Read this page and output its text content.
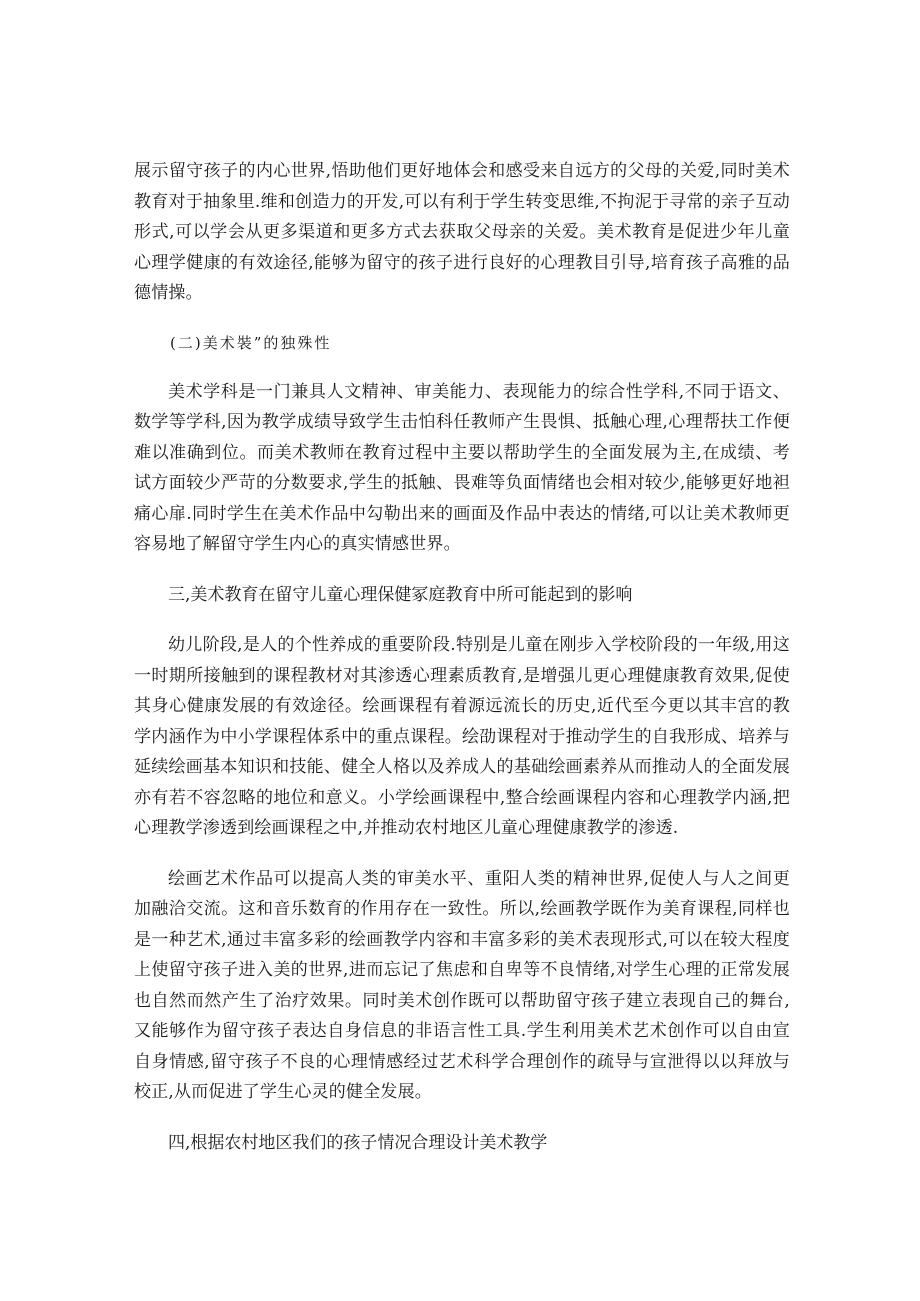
展示留守孩子的内心世界,悟助他们更好地体会和感受来自远方的父母的关爱,同时美术教育对于抽象里.维和创造力的开发,可以有利于学生转变思维,不拘泥于寻常的亲子互动形式,可以学会从更多渠道和更多方式去获取父母亲的关爱。美术教育是促进少年儿童心理学健康的有效途径,能够为留守的孩子进行良好的心理教目引导,培育孩子高雅的品德情操。

(二)美术裝”的独殊性

美术学科是一门兼具人文精神、审美能力、表现能力的综合性学科,不同于语文、数学等学科,因为教学成绩导致学生击怕科任教师产生畏惧、抵触心理,心理帮扶工作便难以准确到位。而美术教师在教育过程中主要以帮助学生的全面发展为主,在成绩、考试方面较少严苛的分数要求,学生的抵触、畏难等负面情绪也会相对较少,能够更好地袒痛心扉.同时学生在美术作品中勾勒出来的画面及作品中表达的情绪,可以让美术教师更容易地了解留守学生内心的真实情感世界。

三,美术教育在留守儿童心理保健冢庭教育中所可能起到的影响

幼儿阶段,是人的个性养成的重要阶段.特别是儿童在刚步入学校阶段的一年级,用这一时期所接触到的课程教材对其渗透心理素质教育,是增强儿更心理健康教育效果,促使其身心健康发展的有效途径。绘画课程有着源远流长的历史,近代至今更以其丰宫的教学内涵作为中小学课程体系中的重点课程。绘劭课程对于推动学生的自我形成、培养与延续绘画基本知识和技能、健全人格以及养成人的基础绘画素养从而推动人的全面发展亦有若不容忽略的地位和意义。小学绘画课程中,整合绘画课程内容和心理教学内涵,把心理教学渗透到绘画课程之中,并推动农村地区儿童心理健康教学的渗透.

绘画艺术作品可以提高人类的审美水平、重阳人类的精神世界,促使人与人之间更加融洽交流。这和音乐数育的作用存在一致性。所以,绘画教学既作为美育课程,同样也是一种艺术,通过丰富多彩的绘画教学内容和丰富多彩的美术表现形式,可以在较大程度上使留守孩子进入美的世界,进而忘记了焦虑和自卑等不良情绪,对学生心理的正常发展也自然而然产生了治疗效果。同时美术创作既可以帮助留守孩子建立表现自己的舞台,又能够作为留守孩子表达自身信息的非语言性工具.学生利用美术艺术创作可以自由宣自身情感,留守孩子不良的心理情感经过艺术科学合理创作的疏导与宣泄得以以拜放与校正,从而促进了学生心灵的健全发展。

四,根据农村地区我们的孩子情况合理设计美术教学
